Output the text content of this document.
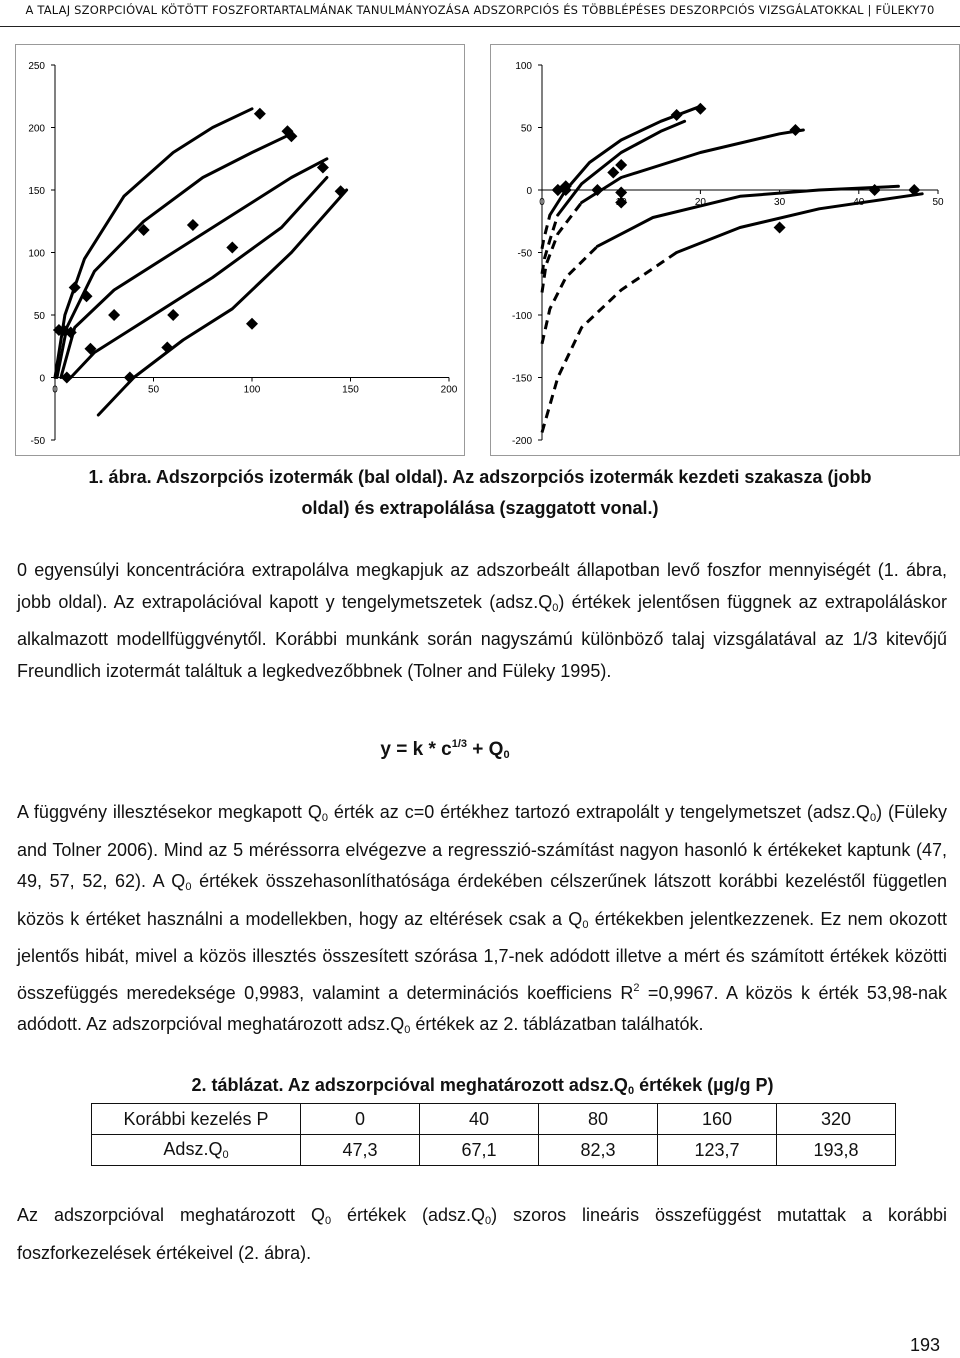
A TALAJ SZORPCIÓVAL KÖTÖTT FOSZFORTARTALMÁNAK TANULMÁNYOZÁSA ADSZORPCIÓS ÉS TÖBBLÉPÉSES DESZORPCIÓS VIZSGÁLATOKKAL | FÜLEKY70
250
200
150
100
50
0
-50
0	50	100	150	200
100
50
0
-50
-100
-150
-200
0	20	30	40	50
1. ábra. Adszorpciós izotermák (bal oldal). Az adszorpciós izotermák kezdeti szakasza (jobb
oldal) és extrapolálása (szaggatott vonal.)

0 egyensúlyi koncentrációra extrapolálva megkapjuk az adszorbeált állapotban levő foszfor mennyiségét (1. ábra, jobb oldal). Az extrapolációval kapott y tengelymetszetek $(adsz.Q_0)$ értékek jelentősen függnek az extrapoláláskor alkalmazott modellfüggvénytől. Korábbi munkánk során nagyszámú különböző talaj vizsgálatával az 1/3 kitevőjű Freundlich izotermát találtuk a legkedvezőbbnek (Tolner and Füleky 1995).

$y = k * c^{1/3} + Q_0$

A függvény illesztésekor megkapott $Q_0$ érték az c=0 értékhez tartozó extrapolált y tengelymetszet $(adsz.Q_0)$ (Füleky and Tolner 2006). Mind az 5 méréssorra elvégezve a regresszió-számítást nagyon hasonló k értékeket kaptunk (47, 49, 57, 52, 62). A $Q_0$ értékek összehasonlíthatósága érdekében célszerűnek látszott korábbi kezeléstől független közös k értéket használni a modellekben, hogy az eltérések csak a $Q_0$ értékekben jelentkezzenek. Ez nem okozott jelentős hibát, mivel a közös illesztés összesített szórása 1,7-nek adódott illetve a mért és számított értékek közötti összefüggés meredeksége 0,9983, valamint a determinációs koefficiens $R^2 =0,9967$. A közös k érték 53,98-nak adódott. Az adszorpcióval meghatározott $adsz.Q_0$ értékek az 2. táblázatban találhatók.

2. táblázat. Az adszorpcióval meghatározott $adsz.Q_0$ értékek (µg/g P)
Korábbi kezelés P	0	40	80	160	320
$Adsz.Q_0$	47,3	67,1	82,3	123,7	193,8

Az adszorpcióval meghatározott $Q_0$ értékek $(adsz.Q_0)$ szoros lineáris összefüggést mutattak a korábbi foszforkezelések értékeivel (2. ábra).

193
